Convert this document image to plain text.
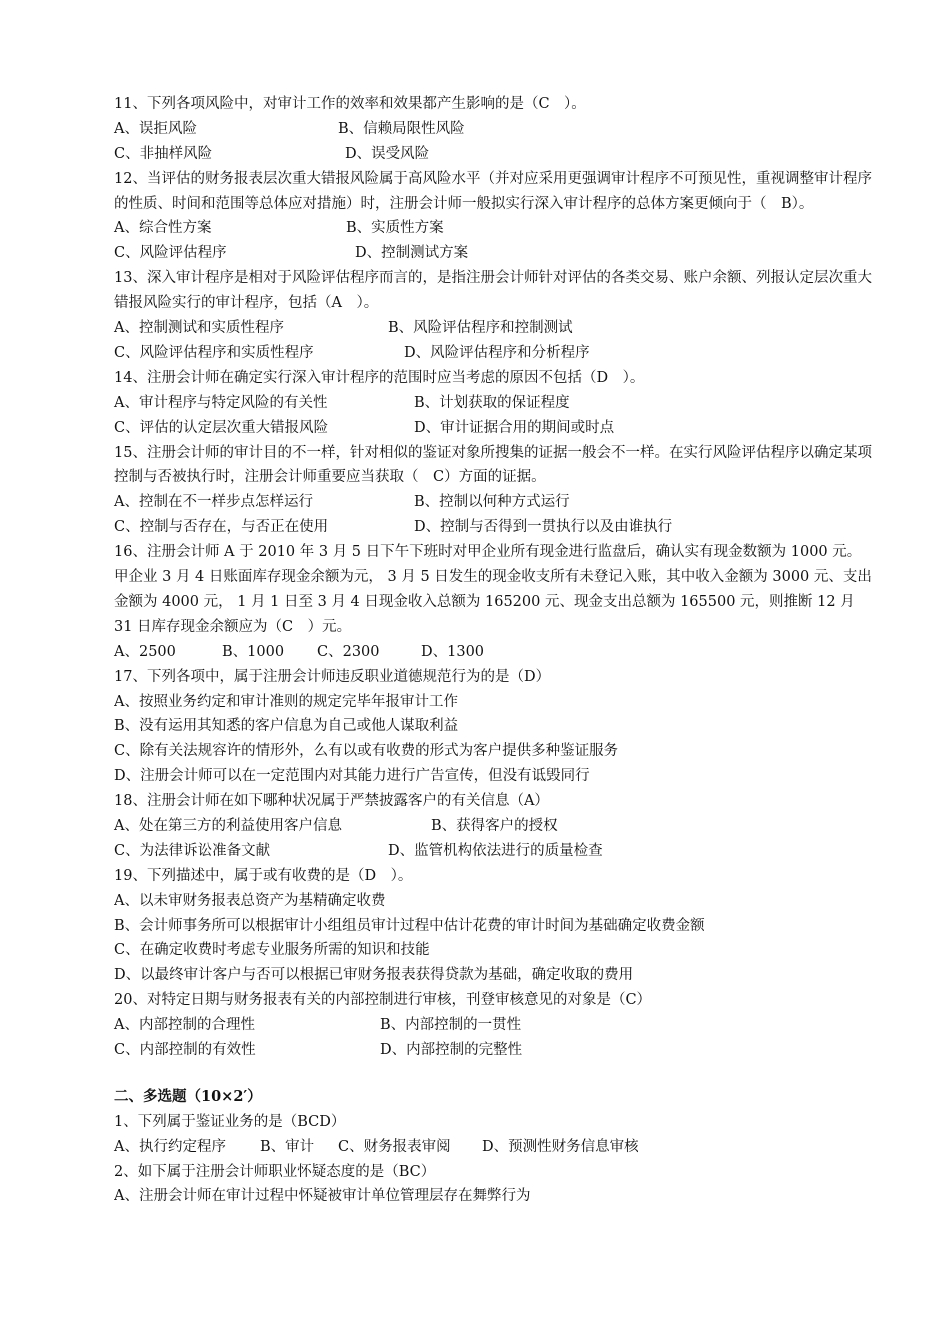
11、下列各项风险中，对审计工作的效率和效果都产生影响的是（C　）。
A、误拒风险	B、信赖局限性风险
C、非抽样风险	D、误受风险
12、当评估的财务报表层次重大错报风险属于高风险水平（并对应采用更强调审计程序不可预见性，重视调整审计程序的性质、时间和范围等总体应对措施）时，注册会计师一般拟实行深入审计程序的总体方案更倾向于（　B）。
A、综合性方案	B、实质性方案
C、风险评估程序	D、控制测试方案
13、深入审计程序是相对于风险评估程序而言的，是指注册会计师针对评估的各类交易、账户余额、列报认定层次重大错报风险实行的审计程序，包括（A　）。
A、控制测试和实质性程序	B、风险评估程序和控制测试
C、风险评估程序和实质性程序	D、风险评估程序和分析程序
14、注册会计师在确定实行深入审计程序的范围时应当考虑的原因不包括（D　）。
A、审计程序与特定风险的有关性	B、计划获取的保证程度
C、评估的认定层次重大错报风险	D、审计证据合用的期间或时点
15、注册会计师的审计目的不一样，针对相似的鉴证对象所搜集的证据一般会不一样。在实行风险评估程序以确定某项控制与否被执行时，注册会计师重要应当获取（　C）方面的证据。
A、控制在不一样步点怎样运行	B、控制以何种方式运行
C、控制与否存在，与否正在使用	D、控制与否得到一贯执行以及由谁执行
16、注册会计师 A 于 2010 年 3 月 5 日下午下班时对甲企业所有现金进行监盘后，确认实有现金数额为 1000 元。甲企业 3 月 4 日账面库存现金余额为元， 3 月 5 日发生的现金收支所有未登记入账，其中收入金额为 3000 元、支出金额为 4000 元， 1 月 1 日至 3 月 4 日现金收入总额为 165200 元、现金支出总额为 165500 元，则推断 12 月 31 日库存现金余额应为（C　）元。
A、2500	B、1000	C、2300	D、1300
17、下列各项中，属于注册会计师违反职业道德规范行为的是（D）
A、按照业务约定和审计准则的规定完毕年报审计工作
B、没有运用其知悉的客户信息为自己或他人谋取利益
C、除有关法规容许的情形外，么有以或有收费的形式为客户提供多种鉴证服务
D、注册会计师可以在一定范围内对其能力进行广告宣传，但没有诋毁同行
18、注册会计师在如下哪种状况属于严禁披露客户的有关信息（A）
A、处在第三方的利益使用客户信息	B、获得客户的授权
C、为法律诉讼准备文献	D、监管机构依法进行的质量检查
19、下列描述中，属于或有收费的是（D　）。
A、以未审财务报表总资产为基精确定收费
B、会计师事务所可以根据审计小组组员审计过程中估计花费的审计时间为基础确定收费金额
C、在确定收费时考虑专业服务所需的知识和技能
D、以最终审计客户与否可以根据已审财务报表获得贷款为基础，确定收取的费用
20、对特定日期与财务报表有关的内部控制进行审核，刊登审核意见的对象是（C）
A、内部控制的合理性	B、内部控制的一贯性
C、内部控制的有效性	D、内部控制的完整性
二、多选题（10×2′）
1、下列属于鉴证业务的是（BCD）
A、执行约定程序	B、审计	C、财务报表审阅	D、预测性财务信息审核
2、如下属于注册会计师职业怀疑态度的是（BC）
A、注册会计师在审计过程中怀疑被审计单位管理层存在舞弊行为
